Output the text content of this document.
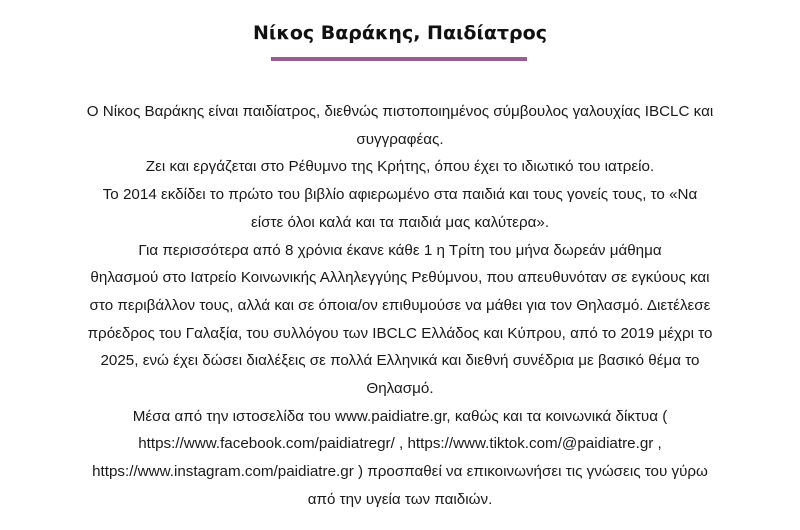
Νίκος Βαράκης, Παιδίατρος

Ο Νίκος Βαράκης είναι παιδίατρος, διεθνώς πιστοποιημένος σύμβουλος γαλουχίας IBCLC και
συγγραφέας.

Ζει και εργάζεται στο Ρέθυμνο της Κρήτης, όπου έχει το ιδιωτικό του ιατρείο.

Το 2014 εκδίδει το πρώτο του βιβλίο αφιερωμένο στα παιδιά και τους γονείς τους, το «Να
είστε όλοι καλά και τα παιδιά μας καλύτερα».

Για περισσότερα από 8 χρόνια έκανε κάθε 1 η Τρίτη του μήνα δωρεάν μάθημα
θηλασμού στο Ιατρείο Κοινωνικής Αλληλεγγύης Ρεθύμνου, που απευθυνόταν σε εγκύους και
στο περιβάλλον τους, αλλά και σε όποια/ον επιθυμούσε να μάθει για τον Θηλασμό. Διετέλεσε
πρόεδρος του Γαλαξία, του συλλόγου των IBCLC Ελλάδος και Κύπρου, από το 2019 μέχρι το
2025, ενώ έχει δώσει διαλέξεις σε πολλά Ελληνικά και διεθνή συνέδρια με βασικό θέμα το
Θηλασμό.

Μέσα από την ιστοσελίδα του www.paidiatre.gr, καθώς και τα κοινωνικά δίκτυα (
https://www.facebook.com/paidiatregr/ , https://www.tiktok.com/@paidiatre.gr ,
https://www.instagram.com/paidiatre.gr ) προσπαθεί να επικοινωνήσει τις γνώσεις του γύρω
από την υγεία των παιδιών.
